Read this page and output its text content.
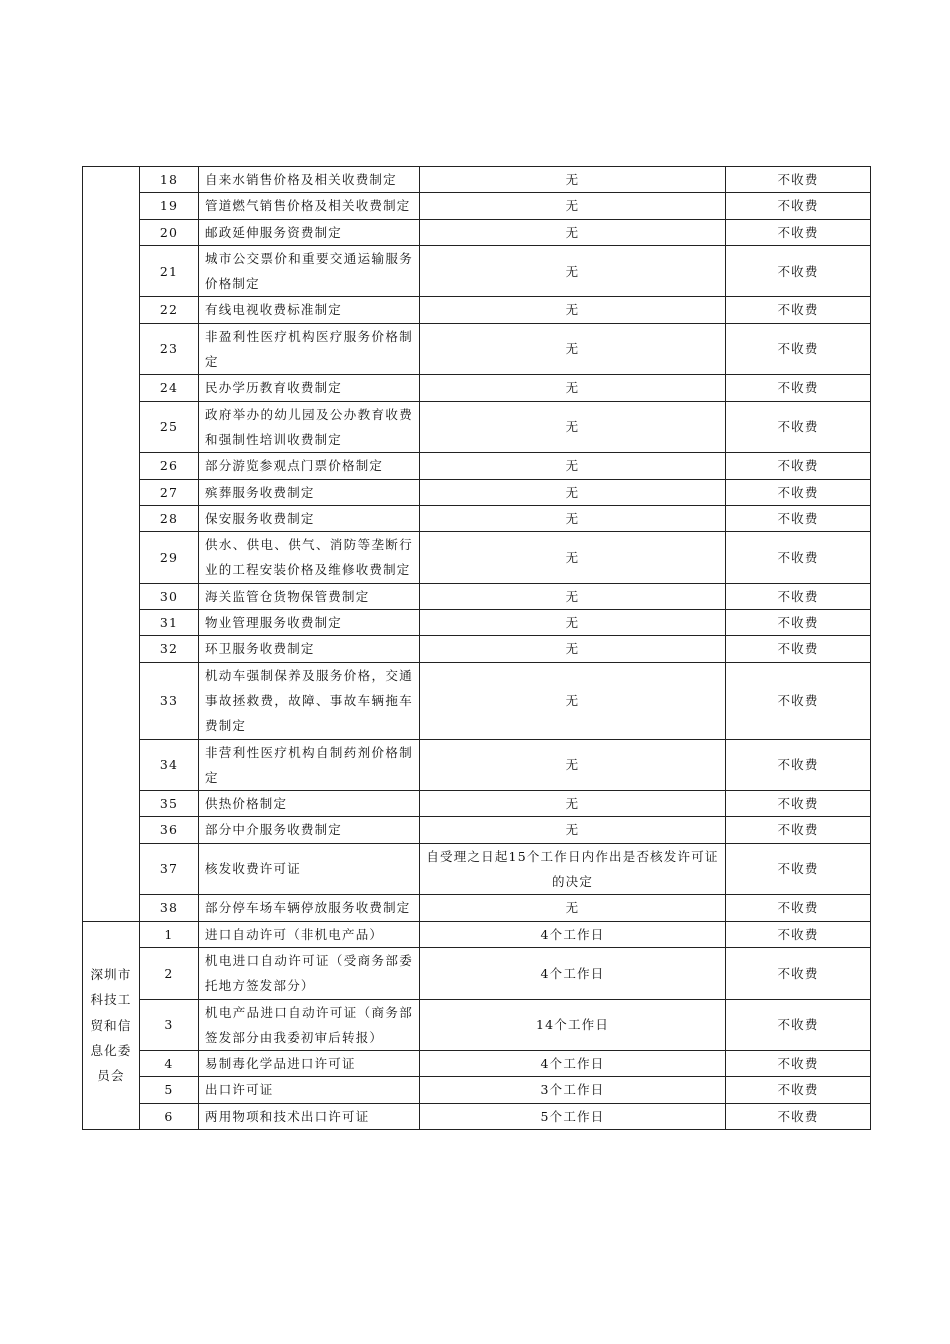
	18	自来水销售价格及相关收费制定	无	不收费
	19	管道燃气销售价格及相关收费制定	无	不收费
	20	邮政延伸服务资费制定	无	不收费
	21	城市公交票价和重要交通运输服务价格制定	无	不收费
	22	有线电视收费标准制定	无	不收费
	23	非盈利性医疗机构医疗服务价格制定	无	不收费
	24	民办学历教育收费制定	无	不收费
	25	政府举办的幼儿园及公办教育收费和强制性培训收费制定	无	不收费
	26	部分游览参观点门票价格制定	无	不收费
	27	殡葬服务收费制定	无	不收费
	28	保安服务收费制定	无	不收费
	29	供水、供电、供气、消防等垄断行业的工程安装价格及维修收费制定	无	不收费
	30	海关监管仓货物保管费制定	无	不收费
	31	物业管理服务收费制定	无	不收费
	32	环卫服务收费制定	无	不收费
	33	机动车强制保养及服务价格，交通事故拯救费，故障、事故车辆拖车费制定	无	不收费
	34	非营利性医疗机构自制药剂价格制定	无	不收费
	35	供热价格制定	无	不收费
	36	部分中介服务收费制定	无	不收费
	37	核发收费许可证	自受理之日起15个工作日内作出是否核发许可证的决定	不收费
	38	部分停车场车辆停放服务收费制定	无	不收费
深圳市科技工贸和信息化委员会	1	进口自动许可（非机电产品）	4个工作日	不收费
	2	机电进口自动许可证（受商务部委托地方签发部分）	4个工作日	不收费
	3	机电产品进口自动许可证（商务部签发部分由我委初审后转报）	14个工作日	不收费
	4	易制毒化学品进口许可证	4个工作日	不收费
	5	出口许可证	3个工作日	不收费
	6	两用物项和技术出口许可证	5个工作日	不收费
